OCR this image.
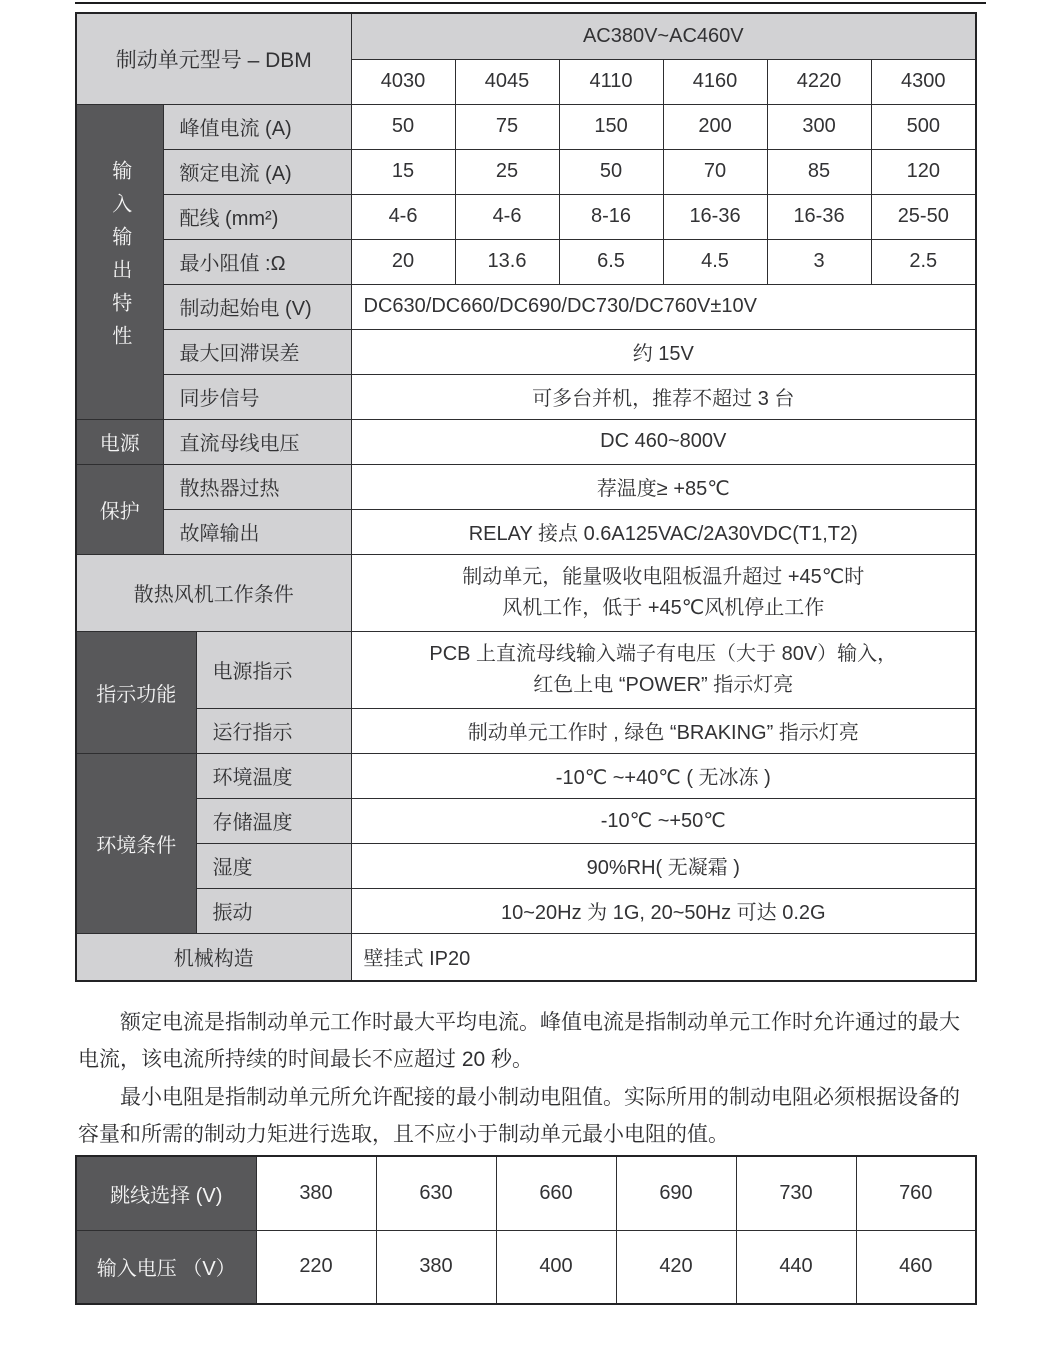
制动单元型号 – DBM			AC380V~AC460V					
			4030	4045	4110	4160	4220	4300
输入输出特性	峰值电流 (A)		50	75	150	200	300	500
	额定电流 (A)		15	25	50	70	85	120
	配线 (mm²)		4-6	4-6	8-16	16-36	16-36	25-50
	最小阻值 :Ω		20	13.6	6.5	4.5	3	2.5
	制动起始电 (V)		DC630/DC660/DC690/DC730/DC760V±10V					
	最大回滞误差		约 15V					
	同步信号		可多台并机，推荐不超过 3 台					
电源	直流母线电压		DC 460~800V					
保护	散热器过热		荐温度≥ +85℃					
	故障输出		RELAY 接点 0.6A125VAC/2A30VDC(T1,T2)					
散热风机工作条件			制动单元，能量吸收电阻板温升超过 +45℃时
风机工作，低于 +45℃风机停止工作					

指示功能		电源指示	PCB 上直流母线输入端子有电压（大于 80V）输入，
红色上电 “POWER” 指示灯亮					

		运行指示	制动单元工作时 , 绿色 “BRAKING” 指示灯亮					
环境条件		环境温度	-10℃ ~+40℃ ( 无冰冻 )					
		存储温度	-10℃ ~+50℃					
		湿度	90%RH( 无凝霜 )					
		振动	10~20Hz 为 1G, 20~50Hz 可达 0.2G					
机械构造			壁挂式 IP20					

额定电流是指制动单元工作时最大平均电流。峰值电流是指制动单元工作时允许通过的最大电流，该电流所持续的时间最长不应超过 20 秒。

最小电阻是指制动单元所允许配接的最小制动电阻值。实际所用的制动电阻必须根据设备的容量和所需的制动力矩进行选取，且不应小于制动单元最小电阻的值。

跳线选择 (V)	380	630	660	690	730	760
输入电压 （V）	220	380	400	420	440	460
